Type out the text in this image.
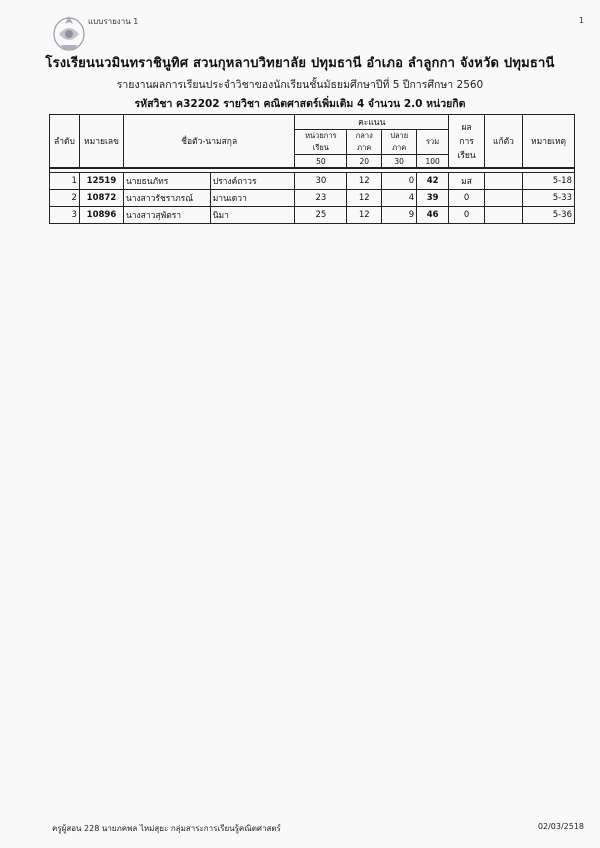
แบบรายงาน 1	1
โรงเรียนนวมินทราชินูทิศ สวนกุหลาบวิทยาลัย ปทุมธานี อำเภอ ลำลูกกา จังหวัด ปทุมธานี
รายงานผลการเรียนประจำวิชาของนักเรียนชั้นมัธยมศึกษาปีที่ 5 ปีการศึกษา 2560
รหัสวิชา ค32202 รายวิชา คณิตศาสตร์เพิ่มเติม 4 จำนวน 2.0 หน่วยกิต
ลำดับ	หมายเลข	ชื่อตัว-นามสกุล		คะแนน				ผล
การเรียน	แก้ตัว	หมายเหตุ
				หน่วยการเรียน	กลางภาค	ปลายภาค	รวม			
				50	20	30	100			

1	12519	นายธนภัทร	ปรางค์ถาวร	30	12	0	42	มส		5-18
2	10872	นางสาวรัชราภรณ์	มานเดวา	23	12	4	39	0		5-33
3	10896	นางสาวสุพัตรา	นิมา	25	12	9	46	0		5-36
ครูผู้สอน 228 นายภคพล ไหม่สุยะ กลุ่มสาระการเรียนรู้คณิตศาสตร์	02/03/2518
